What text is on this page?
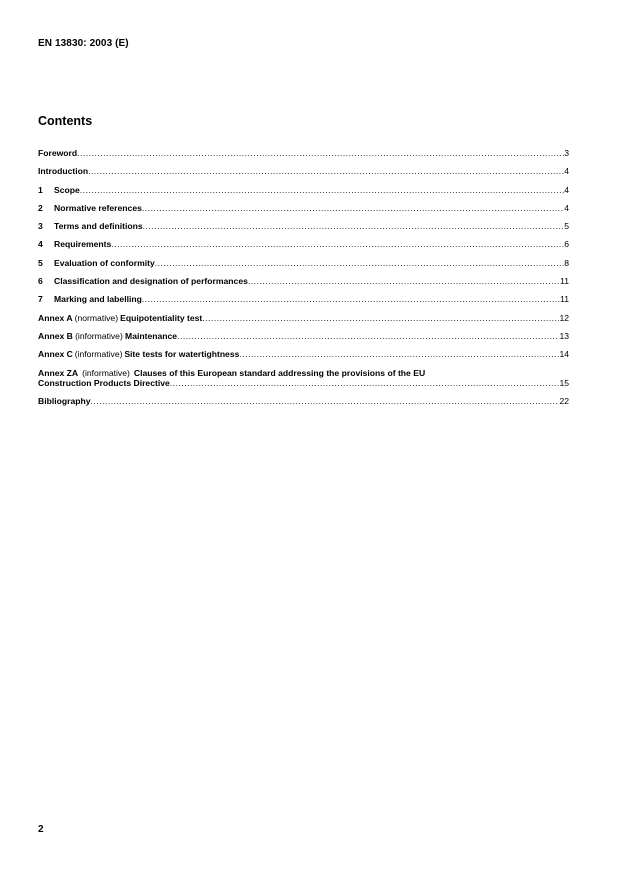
EN 13830: 2003 (E)
Contents
Foreword .....	3
Introduction .....	4
1	Scope .....	4
2	Normative references .....	4
3	Terms and definitions .....	5
4	Requirements .....	6
5	Evaluation of conformity .....	8
6	Classification and designation of performances .....	11
7	Marking and labelling .....	11
Annex A (normative) Equipotentiality test .....	12
Annex B (informative) Maintenance .....	13
Annex C (informative) Site tests for watertightness .....	14
Annex ZA (informative) Clauses of this European standard addressing the provisions of the EU
Construction Products Directive .....	15
Bibliography .....	22
2
